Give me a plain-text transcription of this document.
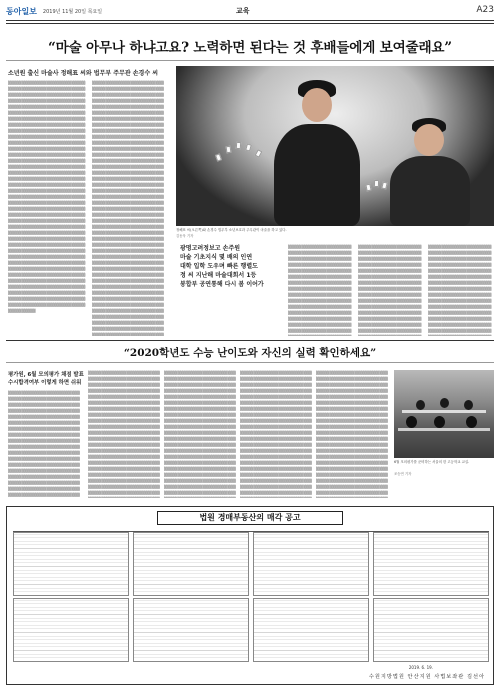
동아일보 2019년 11월 20일 목요일	교육	A23
“마술 아무나 하냐고요? 노력하면 된다는 것 후배들에게 보여줄래요”
소년원 출신 마술사 정해표 씨와 법무부 주무관 손경수 씨
▒▒▒▒▒▒▒▒▒▒▒▒▒▒▒▒▒▒▒▒▒▒▒▒▒▒▒▒▒▒▒▒▒▒▒▒▒▒▒▒▒▒▒▒▒▒▒▒▒▒▒▒▒▒▒▒▒▒▒▒▒▒▒▒▒▒▒▒▒▒▒▒▒▒▒▒▒▒▒▒▒▒▒▒▒▒▒▒▒▒▒▒▒▒▒▒▒▒▒▒▒▒▒▒▒▒▒▒▒▒▒▒▒▒▒▒▒▒▒▒▒▒▒▒▒▒▒▒▒▒▒▒▒▒▒▒▒▒▒▒▒▒▒▒▒▒▒▒▒▒▒▒▒▒▒▒▒▒▒▒▒▒▒▒▒▒▒▒▒▒▒▒▒▒▒▒▒▒▒▒▒▒▒▒▒▒▒▒▒▒▒▒▒▒▒▒▒▒▒▒▒▒▒▒▒▒▒▒▒▒▒▒▒▒▒▒▒▒▒▒▒▒▒▒▒▒▒▒▒▒▒▒▒▒▒▒▒▒▒▒▒▒▒▒▒▒▒▒▒▒▒▒▒▒▒▒▒▒▒▒▒▒▒▒▒▒▒▒▒▒▒▒▒▒▒▒▒▒▒▒▒▒▒▒▒▒▒▒▒▒▒▒▒▒▒▒▒▒▒▒▒▒▒▒▒▒▒▒▒▒▒▒▒▒▒▒▒▒▒▒▒▒▒▒▒▒▒▒▒▒▒▒▒▒▒▒▒▒▒▒▒▒▒▒▒▒▒▒▒▒▒▒▒▒▒▒▒▒▒▒▒▒▒▒▒▒▒▒▒▒▒▒▒▒▒▒▒▒▒▒▒▒▒▒▒▒▒▒▒▒▒▒▒▒▒▒▒▒▒▒▒▒▒▒▒▒▒▒▒▒▒▒▒▒▒▒▒▒▒▒▒▒▒▒▒▒▒▒▒▒▒▒▒▒▒▒▒▒▒▒▒▒▒▒▒▒▒▒▒▒▒▒▒▒▒▒▒▒▒▒▒▒▒▒▒▒▒▒▒▒▒▒▒▒▒▒▒▒▒▒▒▒▒▒▒▒▒▒▒▒▒▒▒▒▒▒▒▒▒▒▒▒▒▒▒▒▒▒▒▒▒▒▒▒▒▒▒▒▒▒▒▒▒▒▒▒▒▒▒▒▒▒▒▒▒▒▒▒▒▒▒▒▒▒▒▒▒▒▒▒▒▒▒▒▒▒▒▒▒▒▒▒▒▒▒▒▒▒▒▒▒▒▒▒▒▒▒▒▒▒▒▒▒▒▒▒▒▒▒▒▒▒▒▒▒▒▒▒▒▒▒▒▒▒▒▒▒▒▒▒▒▒▒▒▒▒▒▒▒▒▒▒▒▒▒▒▒▒▒▒▒▒▒▒▒▒▒▒▒▒▒▒▒▒▒▒▒▒▒▒▒▒▒▒▒▒▒▒▒▒▒▒▒▒▒▒▒▒▒▒▒▒▒▒▒▒▒▒▒▒▒▒▒▒▒▒▒▒▒▒▒▒▒▒▒▒▒▒▒▒▒▒▒▒▒▒▒▒▒▒▒▒▒▒▒▒▒▒▒▒▒▒▒▒▒▒▒▒▒▒▒▒▒▒▒▒▒▒▒▒▒▒▒▒▒▒▒▒▒▒▒▒▒▒▒▒▒▒▒▒▒▒▒▒▒▒▒▒▒▒▒▒▒▒▒▒▒▒▒▒▒▒▒▒▒▒▒▒▒▒▒▒▒▒▒▒▒▒▒▒▒▒▒▒▒▒▒▒▒▒▒▒▒▒▒▒▒▒▒▒▒▒▒▒▒▒▒▒▒▒▒▒▒▒▒▒▒▒▒▒▒▒▒▒▒▒▒▒▒▒▒▒▒▒▒▒▒▒▒▒▒▒▒▒▒▒▒▒▒▒▒▒▒▒▒▒▒▒▒▒▒▒▒▒▒▒▒▒▒▒▒▒▒▒▒▒▒▒▒▒▒▒▒▒▒▒▒▒▒▒▒▒▒▒▒▒▒▒▒▒▒▒▒▒▒▒▒▒▒▒▒▒▒▒▒▒▒▒▒▒▒▒▒▒▒▒▒▒▒▒▒▒▒▒▒▒▒▒▒▒▒▒▒▒▒▒▒▒▒▒▒▒▒▒▒▒▒▒▒▒▒▒▒▒▒▒▒▒▒▒▒▒▒▒▒▒▒▒▒▒▒▒▒▒▒▒▒▒▒▒▒▒▒▒▒▒▒▒▒▒▒▒▒▒▒▒▒▒▒▒▒▒▒▒▒▒▒▒▒▒▒▒▒▒▒▒▒▒▒▒▒▒▒▒▒▒▒▒▒▒▒▒▒▒▒▒▒▒▒▒▒▒▒▒
▒▒▒▒▒▒▒▒▒▒▒▒▒▒▒▒▒▒▒▒▒▒▒▒▒▒▒▒▒▒▒▒▒▒▒▒▒▒▒▒▒▒▒▒▒▒▒▒▒▒▒▒▒▒▒▒▒▒▒▒▒▒▒▒▒▒▒▒▒▒▒▒▒▒▒▒▒▒▒▒▒▒▒▒▒▒▒▒▒▒▒▒▒▒▒▒▒▒▒▒▒▒▒▒▒▒▒▒▒▒▒▒▒▒▒▒▒▒▒▒▒▒▒▒▒▒▒▒▒▒▒▒▒▒▒▒▒▒▒▒▒▒▒▒▒▒▒▒▒▒▒▒▒▒▒▒▒▒▒▒▒▒▒▒▒▒▒▒▒▒▒▒▒▒▒▒▒▒▒▒▒▒▒▒▒▒▒▒▒▒▒▒▒▒▒▒▒▒▒▒▒▒▒▒▒▒▒▒▒▒▒▒▒▒▒▒▒▒▒▒▒▒▒▒▒▒▒▒▒▒▒▒▒▒▒▒▒▒▒▒▒▒▒▒▒▒▒▒▒▒▒▒▒▒▒▒▒▒▒▒▒▒▒▒▒▒▒▒▒▒▒▒▒▒▒▒▒▒▒▒▒▒▒▒▒▒▒▒▒▒▒▒▒▒▒▒▒▒▒▒▒▒▒▒▒▒▒▒▒▒▒▒▒▒▒▒▒▒▒▒▒▒▒▒▒▒▒▒▒▒▒▒▒▒▒▒▒▒▒▒▒▒▒▒▒▒▒▒▒▒▒▒▒▒▒▒▒▒▒▒▒▒▒▒▒▒▒▒▒▒▒▒▒▒▒▒▒▒▒▒▒▒▒▒▒▒▒▒▒▒▒▒▒▒▒▒▒▒▒▒▒▒▒▒▒▒▒▒▒▒▒▒▒▒▒▒▒▒▒▒▒▒▒▒▒▒▒▒▒▒▒▒▒▒▒▒▒▒▒▒▒▒▒▒▒▒▒▒▒▒▒▒▒▒▒▒▒▒▒▒▒▒▒▒▒▒▒▒▒▒▒▒▒▒▒▒▒▒▒▒▒▒▒▒▒▒▒▒▒▒▒▒▒▒▒▒▒▒▒▒▒▒▒▒▒▒▒▒▒▒▒▒▒▒▒▒▒▒▒▒▒▒▒▒▒▒▒▒▒▒▒▒▒▒▒▒▒▒▒▒▒▒▒▒▒▒▒▒▒▒▒▒▒▒▒▒▒▒▒▒▒▒▒▒▒▒▒▒▒▒▒▒▒▒▒▒▒▒▒▒▒▒▒▒▒▒▒▒▒▒▒▒▒▒▒▒▒▒▒▒▒▒▒▒▒▒▒▒▒▒▒▒▒▒▒▒▒▒▒▒▒▒▒▒▒▒▒▒▒▒▒▒▒▒▒▒▒▒▒▒▒▒▒▒▒▒▒▒▒▒▒▒▒▒▒▒▒▒▒▒▒▒▒▒▒▒▒▒▒▒▒▒▒▒▒▒▒▒▒▒▒▒▒▒▒▒▒▒▒▒▒▒▒▒▒▒▒▒▒▒▒▒▒▒▒▒▒▒▒▒▒▒▒▒▒▒▒▒▒▒▒▒▒▒▒▒▒▒▒▒▒▒▒▒▒▒▒▒▒▒▒▒▒▒▒▒▒▒▒▒▒▒▒▒▒▒▒▒▒▒▒▒▒▒▒▒▒▒▒▒▒▒▒▒▒▒▒▒▒▒▒▒▒▒▒▒▒▒▒▒▒▒▒▒▒▒▒▒▒▒▒▒▒▒▒▒▒▒▒▒▒▒▒▒▒▒▒▒▒▒▒▒▒▒▒▒▒▒▒▒▒▒▒▒▒▒▒▒▒▒▒▒▒▒▒▒▒▒▒▒▒▒▒▒▒▒▒▒▒▒▒▒▒▒▒▒▒▒▒▒▒▒▒▒▒▒▒▒▒▒▒▒▒▒▒▒▒▒▒▒▒▒▒▒▒▒▒▒▒▒▒▒▒▒▒▒▒▒▒▒▒▒▒▒▒▒▒▒▒▒▒▒▒▒▒▒▒▒▒▒▒▒▒▒▒▒▒▒▒▒▒▒▒▒▒▒▒▒▒▒▒▒▒▒▒▒▒▒▒▒▒▒▒▒▒▒▒▒▒▒▒▒▒▒▒▒▒▒▒▒▒▒▒▒▒▒▒▒▒▒▒▒▒▒▒▒▒▒▒▒▒▒▒▒▒▒▒▒▒▒▒▒▒▒▒▒▒▒▒▒▒▒▒▒▒▒▒▒▒▒▒▒▒▒▒▒▒▒▒▒▒▒▒▒▒▒▒▒▒▒▒▒▒▒▒▒▒▒▒▒▒▒▒▒▒▒▒▒▒▒▒▒▒▒▒▒▒▒▒▒▒▒▒▒▒▒▒▒▒▒▒▒▒▒▒▒▒▒▒▒▒▒▒▒▒▒▒▒▒▒▒▒▒▒▒▒▒▒
정해표 씨(오른쪽)와 손경수 법무부 소년보호과 주무관이 마술을 하고 있다.
김동욱 기자
광명고려정보고 손주원
마술 기초지식 몇 배의 인연
대학 입학 도우며 빠른 행렬도
정 씨 지난해 마술대회서 1등
봉합부 공연통해 다시 봄 이어가
▒▒▒▒▒▒▒▒▒▒▒▒▒▒▒▒▒▒▒▒▒▒▒▒▒▒▒▒▒▒▒▒▒▒▒▒▒▒▒▒▒▒▒▒▒▒▒▒▒▒▒▒▒▒▒▒▒▒▒▒▒▒▒▒▒▒▒▒▒▒▒▒▒▒▒▒▒▒▒▒▒▒▒▒▒▒▒▒▒▒▒▒▒▒▒▒▒▒▒▒▒▒▒▒▒▒▒▒▒▒▒▒▒▒▒▒▒▒▒▒▒▒▒▒▒▒▒▒▒▒▒▒▒▒▒▒▒▒▒▒▒▒▒▒▒▒▒▒▒▒▒▒▒▒▒▒▒▒▒▒▒▒▒▒▒▒▒▒▒▒▒▒▒▒▒▒▒▒▒▒▒▒▒▒▒▒▒▒▒▒▒▒▒▒▒▒▒▒▒▒▒▒▒▒▒▒▒▒▒▒▒▒▒▒▒▒▒▒▒▒▒▒▒▒▒▒▒▒▒▒▒▒▒▒▒▒▒▒▒▒▒▒▒▒▒▒▒▒▒▒▒▒▒▒▒▒▒▒▒▒▒▒▒▒▒▒▒▒▒▒▒▒▒▒▒▒▒▒▒▒▒▒▒▒▒▒▒▒▒▒▒▒▒▒▒▒▒▒▒▒▒▒▒▒▒▒▒▒▒▒▒▒▒▒▒▒▒▒▒▒▒▒▒▒▒▒▒▒▒▒▒▒▒▒▒▒▒▒▒▒▒▒▒▒▒
▒▒▒▒▒▒▒▒▒▒▒▒▒▒▒▒▒▒▒▒▒▒▒▒▒▒▒▒▒▒▒▒▒▒▒▒▒▒▒▒▒▒▒▒▒▒▒▒▒▒▒▒▒▒▒▒▒▒▒▒▒▒▒▒▒▒▒▒▒▒▒▒▒▒▒▒▒▒▒▒▒▒▒▒▒▒▒▒▒▒▒▒▒▒▒▒▒▒▒▒▒▒▒▒▒▒▒▒▒▒▒▒▒▒▒▒▒▒▒▒▒▒▒▒▒▒▒▒▒▒▒▒▒▒▒▒▒▒▒▒▒▒▒▒▒▒▒▒▒▒▒▒▒▒▒▒▒▒▒▒▒▒▒▒▒▒▒▒▒▒▒▒▒▒▒▒▒▒▒▒▒▒▒▒▒▒▒▒▒▒▒▒▒▒▒▒▒▒▒▒▒▒▒▒▒▒▒▒▒▒▒▒▒▒▒▒▒▒▒▒▒▒▒▒▒▒▒▒▒▒▒▒▒▒▒▒▒▒▒▒▒▒▒▒▒▒▒▒▒▒▒▒▒▒▒▒▒▒▒▒▒▒▒▒▒▒▒▒▒▒▒▒▒▒▒▒▒▒▒▒▒▒▒▒▒▒▒▒▒▒▒▒▒▒▒▒▒▒▒▒▒▒▒▒▒▒▒▒▒▒▒▒▒▒▒▒▒▒▒▒▒▒▒▒▒▒▒▒▒▒▒▒▒▒▒▒▒▒▒▒▒▒▒▒▒
▒▒▒▒▒▒▒▒▒▒▒▒▒▒▒▒▒▒▒▒▒▒▒▒▒▒▒▒▒▒▒▒▒▒▒▒▒▒▒▒▒▒▒▒▒▒▒▒▒▒▒▒▒▒▒▒▒▒▒▒▒▒▒▒▒▒▒▒▒▒▒▒▒▒▒▒▒▒▒▒▒▒▒▒▒▒▒▒▒▒▒▒▒▒▒▒▒▒▒▒▒▒▒▒▒▒▒▒▒▒▒▒▒▒▒▒▒▒▒▒▒▒▒▒▒▒▒▒▒▒▒▒▒▒▒▒▒▒▒▒▒▒▒▒▒▒▒▒▒▒▒▒▒▒▒▒▒▒▒▒▒▒▒▒▒▒▒▒▒▒▒▒▒▒▒▒▒▒▒▒▒▒▒▒▒▒▒▒▒▒▒▒▒▒▒▒▒▒▒▒▒▒▒▒▒▒▒▒▒▒▒▒▒▒▒▒▒▒▒▒▒▒▒▒▒▒▒▒▒▒▒▒▒▒▒▒▒▒▒▒▒▒▒▒▒▒▒▒▒▒▒▒▒▒▒▒▒▒▒▒▒▒▒▒▒▒▒▒▒▒▒▒▒▒▒▒▒▒▒▒▒▒▒▒▒▒▒▒▒▒▒▒▒▒▒▒▒▒▒▒▒▒▒▒▒▒▒▒▒▒▒▒▒▒▒▒▒▒▒▒▒▒▒▒▒▒▒▒▒▒▒▒▒▒▒▒▒▒▒▒▒▒▒▒▒
“2020학년도 수능 난이도와 자신의 실력 확인하세요”
평가원, 6월 모의평가 채점 발표
수시합격여부 이렇게 하면 쉬워
▒▒▒▒▒▒▒▒▒▒▒▒▒▒▒▒▒▒▒▒▒▒▒▒▒▒▒▒▒▒▒▒▒▒▒▒▒▒▒▒▒▒▒▒▒▒▒▒▒▒▒▒▒▒▒▒▒▒▒▒▒▒▒▒▒▒▒▒▒▒▒▒▒▒▒▒▒▒▒▒▒▒▒▒▒▒▒▒▒▒▒▒▒▒▒▒▒▒▒▒▒▒▒▒▒▒▒▒▒▒▒▒▒▒▒▒▒▒▒▒▒▒▒▒▒▒▒▒▒▒▒▒▒▒▒▒▒▒▒▒▒▒▒▒▒▒▒▒▒▒▒▒▒▒▒▒▒▒▒▒▒▒▒▒▒▒▒▒▒▒▒▒▒▒▒▒▒▒▒▒▒▒▒▒▒▒▒▒▒▒▒▒▒▒▒▒▒▒▒▒▒▒▒▒▒▒▒▒▒▒▒▒▒▒▒▒▒▒▒▒▒▒▒▒▒▒▒▒▒▒▒▒▒▒▒▒▒▒▒▒▒▒▒▒▒▒▒▒▒▒▒▒▒▒▒▒▒▒▒▒▒▒▒▒▒▒▒▒▒▒▒▒▒▒▒▒▒▒▒▒▒▒▒▒▒▒▒▒▒▒▒▒▒▒▒▒▒▒▒▒▒▒▒▒▒▒▒▒▒▒▒▒▒▒▒▒▒▒▒▒▒▒▒▒▒▒▒▒▒▒▒▒▒▒▒▒▒▒▒▒▒▒▒▒▒▒▒▒▒▒▒▒▒▒▒▒▒▒▒▒▒▒▒▒▒▒▒▒▒▒▒▒▒▒▒▒▒▒▒▒▒▒▒▒▒▒▒▒▒▒▒▒▒▒▒▒▒▒▒▒▒▒▒▒▒▒▒▒▒▒▒▒▒▒▒▒▒▒▒▒▒▒▒▒▒▒▒▒▒▒▒▒▒▒▒▒▒▒▒▒▒▒▒▒▒▒▒▒▒▒▒▒▒▒▒▒▒▒▒▒▒▒▒▒▒▒▒▒
▒▒▒▒▒▒▒▒▒▒▒▒▒▒▒▒▒▒▒▒▒▒▒▒▒▒▒▒▒▒▒▒▒▒▒▒▒▒▒▒▒▒▒▒▒▒▒▒▒▒▒▒▒▒▒▒▒▒▒▒▒▒▒▒▒▒▒▒▒▒▒▒▒▒▒▒▒▒▒▒▒▒▒▒▒▒▒▒▒▒▒▒▒▒▒▒▒▒▒▒▒▒▒▒▒▒▒▒▒▒▒▒▒▒▒▒▒▒▒▒▒▒▒▒▒▒▒▒▒▒▒▒▒▒▒▒▒▒▒▒▒▒▒▒▒▒▒▒▒▒▒▒▒▒▒▒▒▒▒▒▒▒▒▒▒▒▒▒▒▒▒▒▒▒▒▒▒▒▒▒▒▒▒▒▒▒▒▒▒▒▒▒▒▒▒▒▒▒▒▒▒▒▒▒▒▒▒▒▒▒▒▒▒▒▒▒▒▒▒▒▒▒▒▒▒▒▒▒▒▒▒▒▒▒▒▒▒▒▒▒▒▒▒▒▒▒▒▒▒▒▒▒▒▒▒▒▒▒▒▒▒▒▒▒▒▒▒▒▒▒▒▒▒▒▒▒▒▒▒▒▒▒▒▒▒▒▒▒▒▒▒▒▒▒▒▒▒▒▒▒▒▒▒▒▒▒▒▒▒▒▒▒▒▒▒▒▒▒▒▒▒▒▒▒▒▒▒▒▒▒▒▒▒▒▒▒▒▒▒▒▒▒▒▒▒▒▒▒▒▒▒▒▒▒▒▒▒▒▒▒▒▒▒▒▒▒▒▒▒▒▒▒▒▒▒▒▒▒▒▒▒▒▒▒▒▒▒▒▒▒▒▒▒▒▒▒▒▒▒▒▒▒▒▒▒▒▒▒▒▒▒▒▒▒▒▒▒▒▒▒▒▒▒▒▒▒▒▒▒▒▒▒▒▒▒▒▒▒▒▒▒▒▒▒▒▒▒▒▒▒▒▒▒▒▒▒▒▒▒▒▒▒▒▒▒▒▒▒▒▒▒▒▒▒▒▒▒▒▒▒▒▒▒▒▒▒▒▒▒▒▒▒▒▒▒▒▒▒▒▒▒▒▒▒▒▒▒▒▒▒▒▒▒▒▒▒▒▒▒▒▒▒▒▒▒▒▒▒▒▒▒▒▒▒▒▒▒▒▒▒▒▒▒▒▒▒
▒▒▒▒▒▒▒▒▒▒▒▒▒▒▒▒▒▒▒▒▒▒▒▒▒▒▒▒▒▒▒▒▒▒▒▒▒▒▒▒▒▒▒▒▒▒▒▒▒▒▒▒▒▒▒▒▒▒▒▒▒▒▒▒▒▒▒▒▒▒▒▒▒▒▒▒▒▒▒▒▒▒▒▒▒▒▒▒▒▒▒▒▒▒▒▒▒▒▒▒▒▒▒▒▒▒▒▒▒▒▒▒▒▒▒▒▒▒▒▒▒▒▒▒▒▒▒▒▒▒▒▒▒▒▒▒▒▒▒▒▒▒▒▒▒▒▒▒▒▒▒▒▒▒▒▒▒▒▒▒▒▒▒▒▒▒▒▒▒▒▒▒▒▒▒▒▒▒▒▒▒▒▒▒▒▒▒▒▒▒▒▒▒▒▒▒▒▒▒▒▒▒▒▒▒▒▒▒▒▒▒▒▒▒▒▒▒▒▒▒▒▒▒▒▒▒▒▒▒▒▒▒▒▒▒▒▒▒▒▒▒▒▒▒▒▒▒▒▒▒▒▒▒▒▒▒▒▒▒▒▒▒▒▒▒▒▒▒▒▒▒▒▒▒▒▒▒▒▒▒▒▒▒▒▒▒▒▒▒▒▒▒▒▒▒▒▒▒▒▒▒▒▒▒▒▒▒▒▒▒▒▒▒▒▒▒▒▒▒▒▒▒▒▒▒▒▒▒▒▒▒▒▒▒▒▒▒▒▒▒▒▒▒▒▒▒▒▒▒▒▒▒▒▒▒▒▒▒▒▒▒▒▒▒▒▒▒▒▒▒▒▒▒▒▒▒▒▒▒▒▒▒▒▒▒▒▒▒▒▒▒▒▒▒▒▒▒▒▒▒▒▒▒▒▒▒▒▒▒▒▒▒▒▒▒▒▒▒▒▒▒▒▒▒▒▒▒▒▒▒▒▒▒▒▒▒▒▒▒▒▒▒▒▒▒▒▒▒▒▒▒▒▒▒▒▒▒▒▒▒▒▒▒▒▒▒▒▒▒▒▒▒▒▒▒▒▒▒▒▒▒▒▒▒▒▒▒▒▒▒▒▒▒▒▒▒▒▒▒▒▒▒▒▒▒▒▒▒▒▒▒▒▒▒▒▒▒▒▒▒▒▒▒▒▒▒▒▒▒▒▒▒▒▒▒▒▒▒▒▒▒▒▒▒▒▒
▒▒▒▒▒▒▒▒▒▒▒▒▒▒▒▒▒▒▒▒▒▒▒▒▒▒▒▒▒▒▒▒▒▒▒▒▒▒▒▒▒▒▒▒▒▒▒▒▒▒▒▒▒▒▒▒▒▒▒▒▒▒▒▒▒▒▒▒▒▒▒▒▒▒▒▒▒▒▒▒▒▒▒▒▒▒▒▒▒▒▒▒▒▒▒▒▒▒▒▒▒▒▒▒▒▒▒▒▒▒▒▒▒▒▒▒▒▒▒▒▒▒▒▒▒▒▒▒▒▒▒▒▒▒▒▒▒▒▒▒▒▒▒▒▒▒▒▒▒▒▒▒▒▒▒▒▒▒▒▒▒▒▒▒▒▒▒▒▒▒▒▒▒▒▒▒▒▒▒▒▒▒▒▒▒▒▒▒▒▒▒▒▒▒▒▒▒▒▒▒▒▒▒▒▒▒▒▒▒▒▒▒▒▒▒▒▒▒▒▒▒▒▒▒▒▒▒▒▒▒▒▒▒▒▒▒▒▒▒▒▒▒▒▒▒▒▒▒▒▒▒▒▒▒▒▒▒▒▒▒▒▒▒▒▒▒▒▒▒▒▒▒▒▒▒▒▒▒▒▒▒▒▒▒▒▒▒▒▒▒▒▒▒▒▒▒▒▒▒▒▒▒▒▒▒▒▒▒▒▒▒▒▒▒▒▒▒▒▒▒▒▒▒▒▒▒▒▒▒▒▒▒▒▒▒▒▒▒▒▒▒▒▒▒▒▒▒▒▒▒▒▒▒▒▒▒▒▒▒▒▒▒▒▒▒▒▒▒▒▒▒▒▒▒▒▒▒▒▒▒▒▒▒▒▒▒▒▒▒▒▒▒▒▒▒▒▒▒▒▒▒▒▒▒▒▒▒▒▒▒▒▒▒▒▒▒▒▒▒▒▒▒▒▒▒▒▒▒▒▒▒▒▒▒▒▒▒▒▒▒▒▒▒▒▒▒▒▒▒▒▒▒▒▒▒▒▒▒▒▒▒▒▒▒▒▒▒▒▒▒▒▒▒▒▒▒▒▒▒▒▒▒▒▒▒▒▒▒▒▒▒▒▒▒▒▒▒▒▒▒▒▒▒▒▒▒▒▒▒▒▒▒▒▒▒▒▒▒▒▒▒▒▒▒▒▒▒▒▒▒▒▒▒▒▒▒▒▒▒▒▒▒▒▒▒▒
▒▒▒▒▒▒▒▒▒▒▒▒▒▒▒▒▒▒▒▒▒▒▒▒▒▒▒▒▒▒▒▒▒▒▒▒▒▒▒▒▒▒▒▒▒▒▒▒▒▒▒▒▒▒▒▒▒▒▒▒▒▒▒▒▒▒▒▒▒▒▒▒▒▒▒▒▒▒▒▒▒▒▒▒▒▒▒▒▒▒▒▒▒▒▒▒▒▒▒▒▒▒▒▒▒▒▒▒▒▒▒▒▒▒▒▒▒▒▒▒▒▒▒▒▒▒▒▒▒▒▒▒▒▒▒▒▒▒▒▒▒▒▒▒▒▒▒▒▒▒▒▒▒▒▒▒▒▒▒▒▒▒▒▒▒▒▒▒▒▒▒▒▒▒▒▒▒▒▒▒▒▒▒▒▒▒▒▒▒▒▒▒▒▒▒▒▒▒▒▒▒▒▒▒▒▒▒▒▒▒▒▒▒▒▒▒▒▒▒▒▒▒▒▒▒▒▒▒▒▒▒▒▒▒▒▒▒▒▒▒▒▒▒▒▒▒▒▒▒▒▒▒▒▒▒▒▒▒▒▒▒▒▒▒▒▒▒▒▒▒▒▒▒▒▒▒▒▒▒▒▒▒▒▒▒▒▒▒▒▒▒▒▒▒▒▒▒▒▒▒▒▒▒▒▒▒▒▒▒▒▒▒▒▒▒▒▒▒▒▒▒▒▒▒▒▒▒▒▒▒▒▒▒▒▒▒▒▒▒▒▒▒▒▒▒▒▒▒▒▒▒▒▒▒▒▒▒▒▒▒▒▒▒▒▒▒▒▒▒▒▒▒▒▒▒▒▒▒▒▒▒▒▒▒▒▒▒▒▒▒▒▒▒▒▒▒▒▒▒▒▒▒▒▒▒▒▒▒▒▒▒▒▒▒▒▒▒▒▒▒▒▒▒▒▒▒▒▒▒▒▒▒▒▒▒▒▒▒▒▒▒▒▒▒▒▒▒▒▒▒▒▒▒▒▒▒▒▒▒▒▒▒▒▒▒▒▒▒▒▒▒▒▒▒▒▒▒▒▒▒▒▒▒▒▒▒▒▒▒▒▒▒▒▒▒▒▒▒▒▒▒▒▒▒▒▒▒▒▒▒▒▒▒▒▒▒▒▒▒▒▒▒▒▒▒▒▒▒▒▒▒▒▒▒▒▒▒▒▒▒▒▒▒▒▒▒
6월 모의평가를 준비하는 서울의 한 고등학교 교실.
조승연 기자
법원 경매부동산의 매각 공고
2019. 6. 19.
수원지방법원 안산지원 사법보좌관 김선아
